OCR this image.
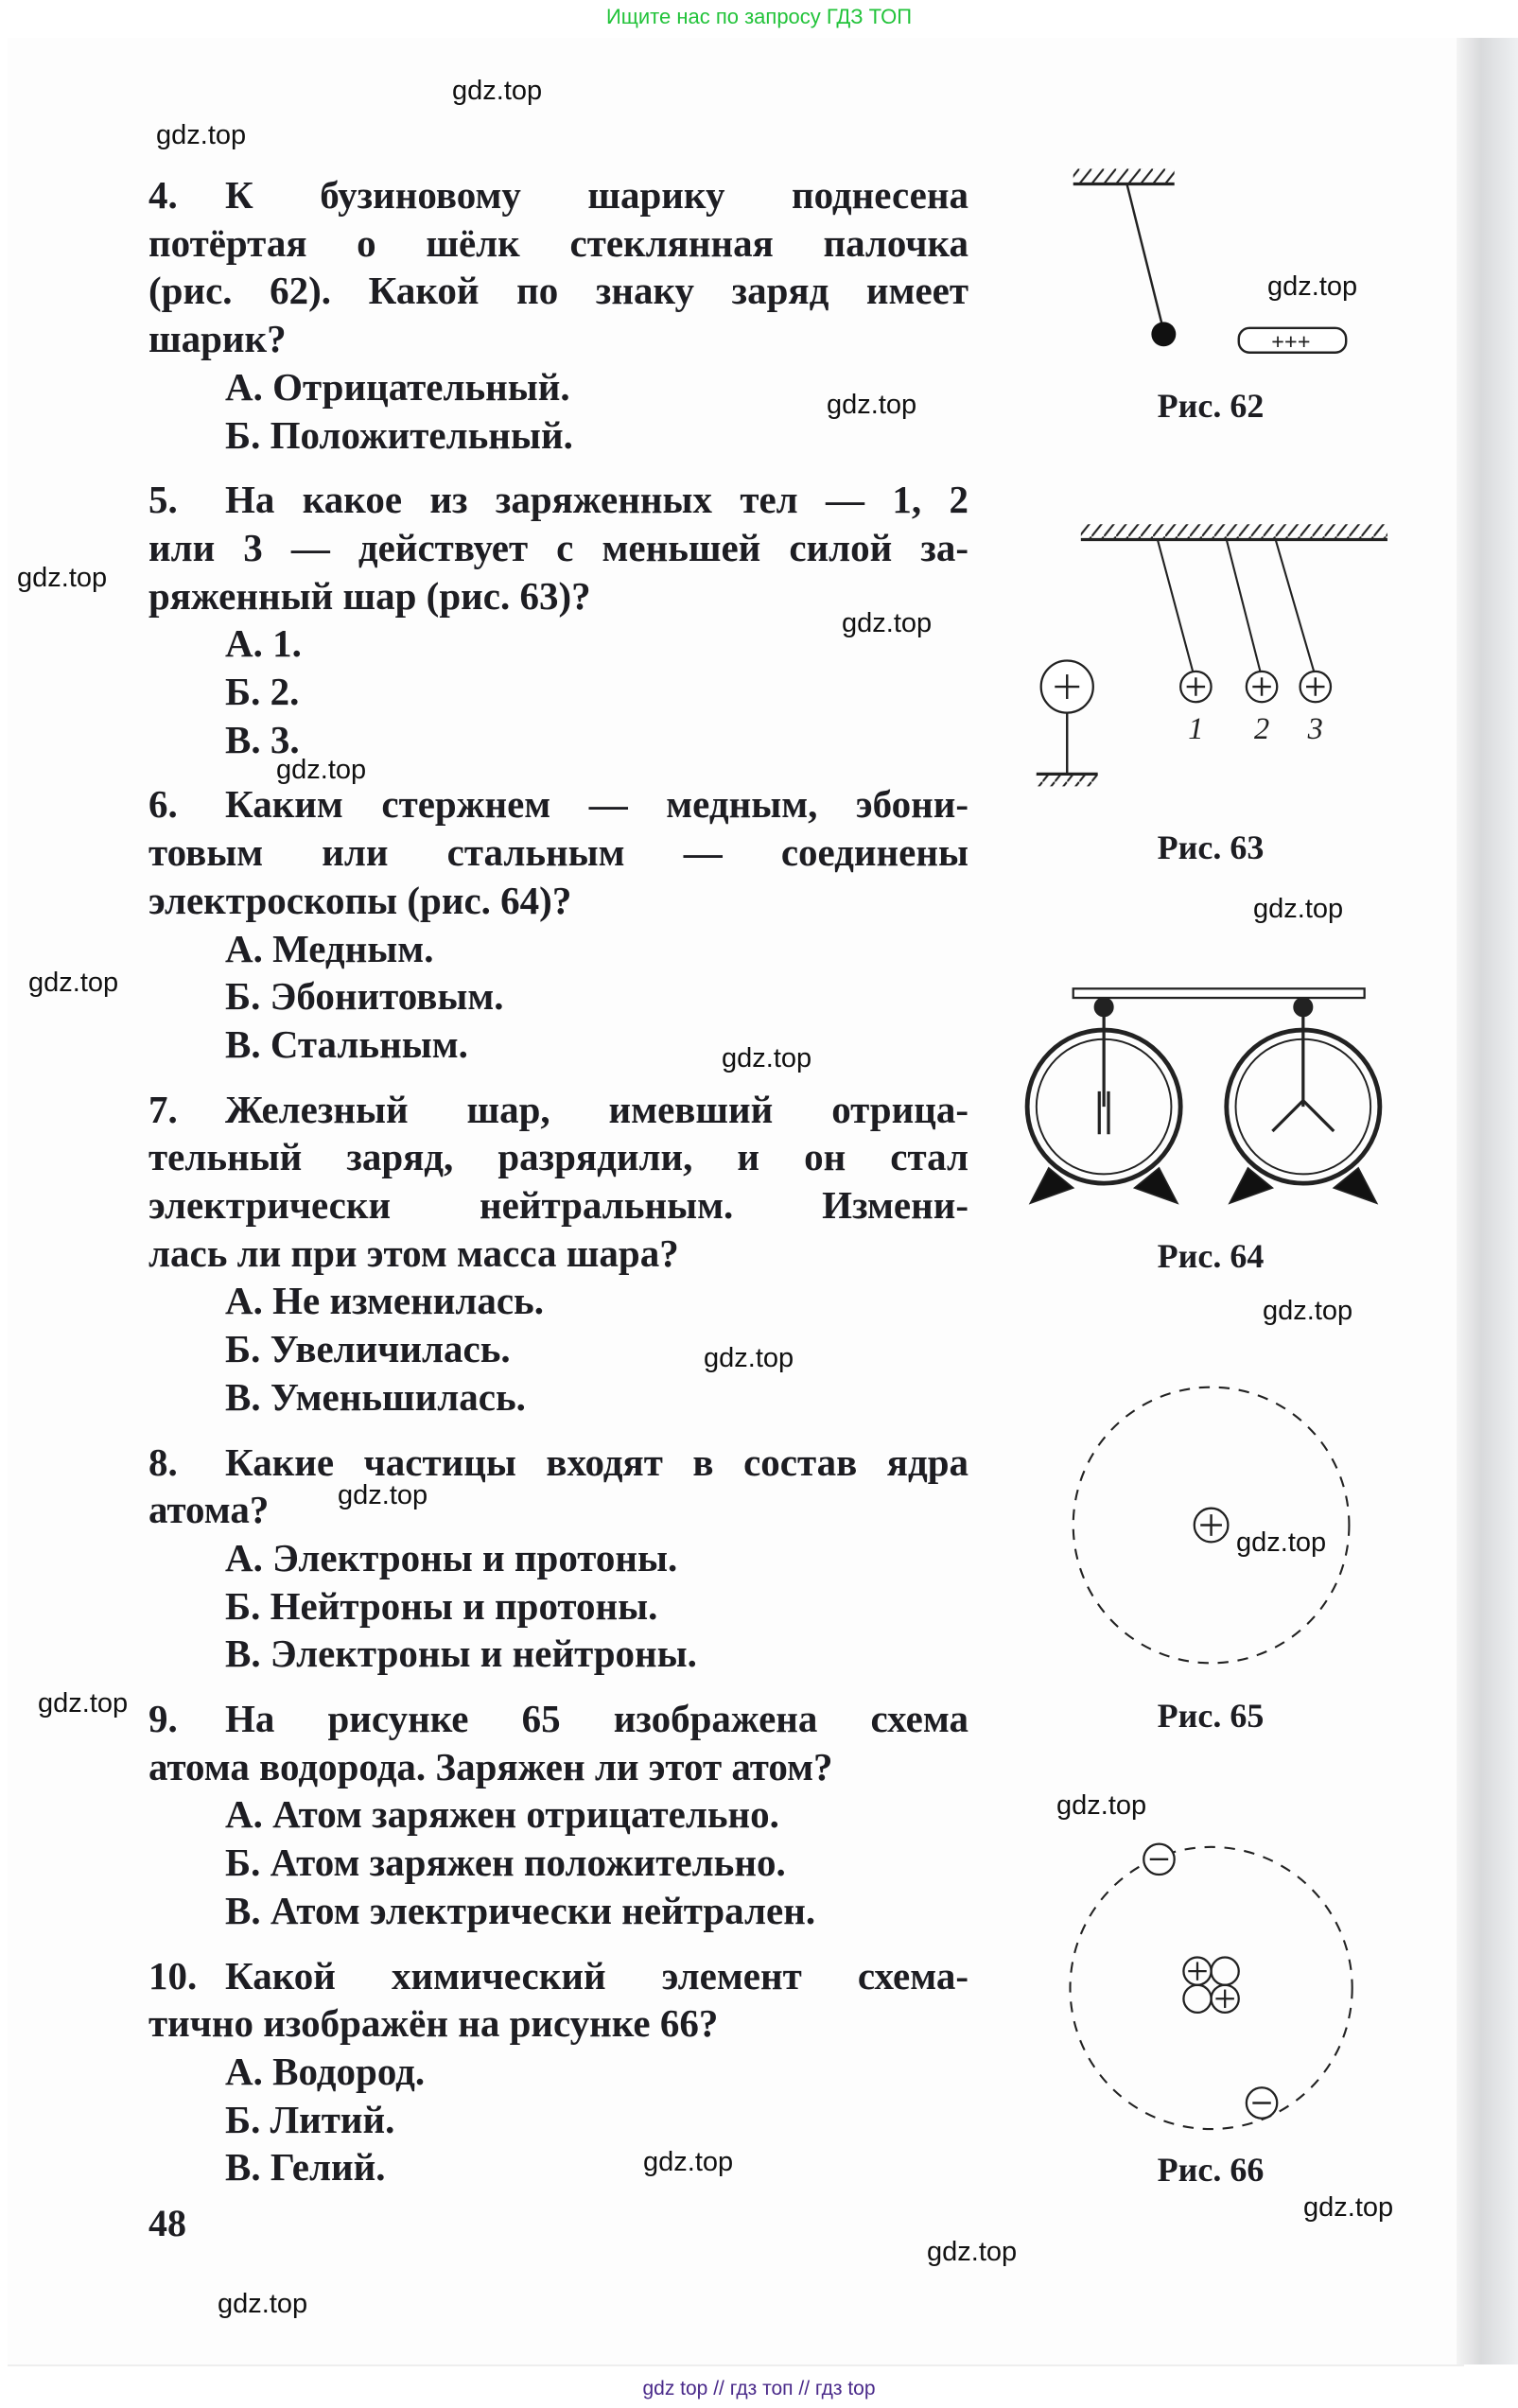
Ищите нас по запросу ГДЗ ТОП
4. К бузиновому шарику поднесена
потёртая о шёлк стеклянная палочка
(рис. 62). Какой по знаку заряд имеет
шарик?
А. Отрицательный.
Б. Положительный.
5. На какое из заряженных тел — 1, 2
или 3 — действует с меньшей силой за-
ряженный шар (рис. 63)?
А. 1.
Б. 2.
В. 3.
6. Каким стержнем — медным, эбони-
товым или стальным — соединены
электроскопы (рис. 64)?
А. Медным.
Б. Эбонитовым.
В. Стальным.
7. Железный шар, имевший отрица-
тельный заряд, разрядили, и он стал
электрически нейтральным. Измени-
лась ли при этом масса шара?
А. Не изменилась.
Б. Увеличилась.
В. Уменьшилась.
8. Какие частицы входят в состав ядра
атома?
А. Электроны и протоны.
Б. Нейтроны и протоны.
В. Электроны и нейтроны.
9. На рисунке 65 изображена схема
атома водорода. Заряжен ли этот атом?
А. Атом заряжен отрицательно.
Б. Атом заряжен положительно.
В. Атом электрически нейтрален.
10. Какой химический элемент схема-
тично изображён на рисунке 66?
А. Водород.
Б. Литий.
В. Гелий.
48
+++
1	2 3
Рис. 62
Рис. 63
Рис. 64
Рис. 65
Рис. 66
gdz.top
gdz.top
gdz.top
gdz.top
gdz.top
gdz.top
gdz.top
gdz.top
gdz.top
gdz.top
gdz.top
gdz.top
gdz.top
gdz.top
gdz.top
gdz.top
gdz.top
gdz.top
gdz.top
gdz.top
gdz top // гдз топ // гдз top
